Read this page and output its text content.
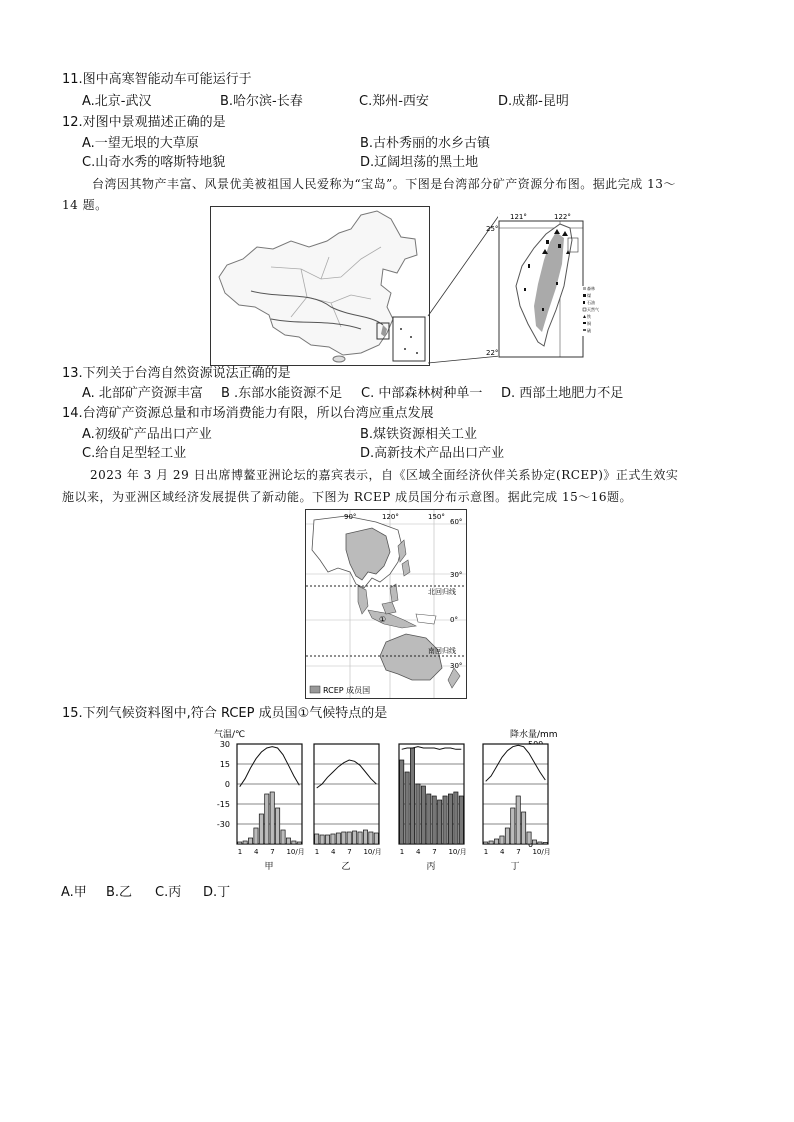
11.图中高寒智能动车可能运行于
A.北京-武汉	B.哈尔滨-长春	C.郑州-西安	D.成都-昆明
12.对图中景观描述正确的是
A.一望无垠的大草原	B.古朴秀丽的水乡古镇
C.山奇水秀的喀斯特地貌	D.辽阔坦荡的黑土地
台湾因其物产丰富、风景优美被祖国人民爱称为“宝岛”。下图是台湾部分矿产资源分布图。据此完成 13～
14 题。
121°	122°
25°
22°
森林
煤
石油
天然气
铁
铜
硫
13.下列关于台湾自然资源说法正确的是
A. 北部矿产资源丰富 B .东部水能资源不足 C. 中部森林树种单一 D. 西部土地肥力不足
14.台湾矿产资源总量和市场消费能力有限，所以台湾应重点发展
A.初级矿产品出口产业	B.煤铁资源相关工业
C.给自足型轻工业	D.高新技术产品出口产业
2023 年 3 月 29 日出席博鳌亚洲论坛的嘉宾表示，自《区域全面经济伙伴关系协定(RCEP)》正式生效实
施以来，为亚洲区域经济发展提供了新动能。下图为 RCEP 成员国分布示意图。据此完成 15～16题。
90°	120°	150°
60°
30°
0°
30°
北回归线
南回归线
①
RCEP 成员国
15.下列气候资料图中,符合 RCEP 成员国①气候特点的是
气温/℃	降水量/mm
30
15
0
-15
-30
1 4 7 10/月
甲
1 4 7 10/月
乙
1 4 7 10/月
丙
1 4 7 10/月
丁
A.甲 B.乙 C.丙 D.丁
